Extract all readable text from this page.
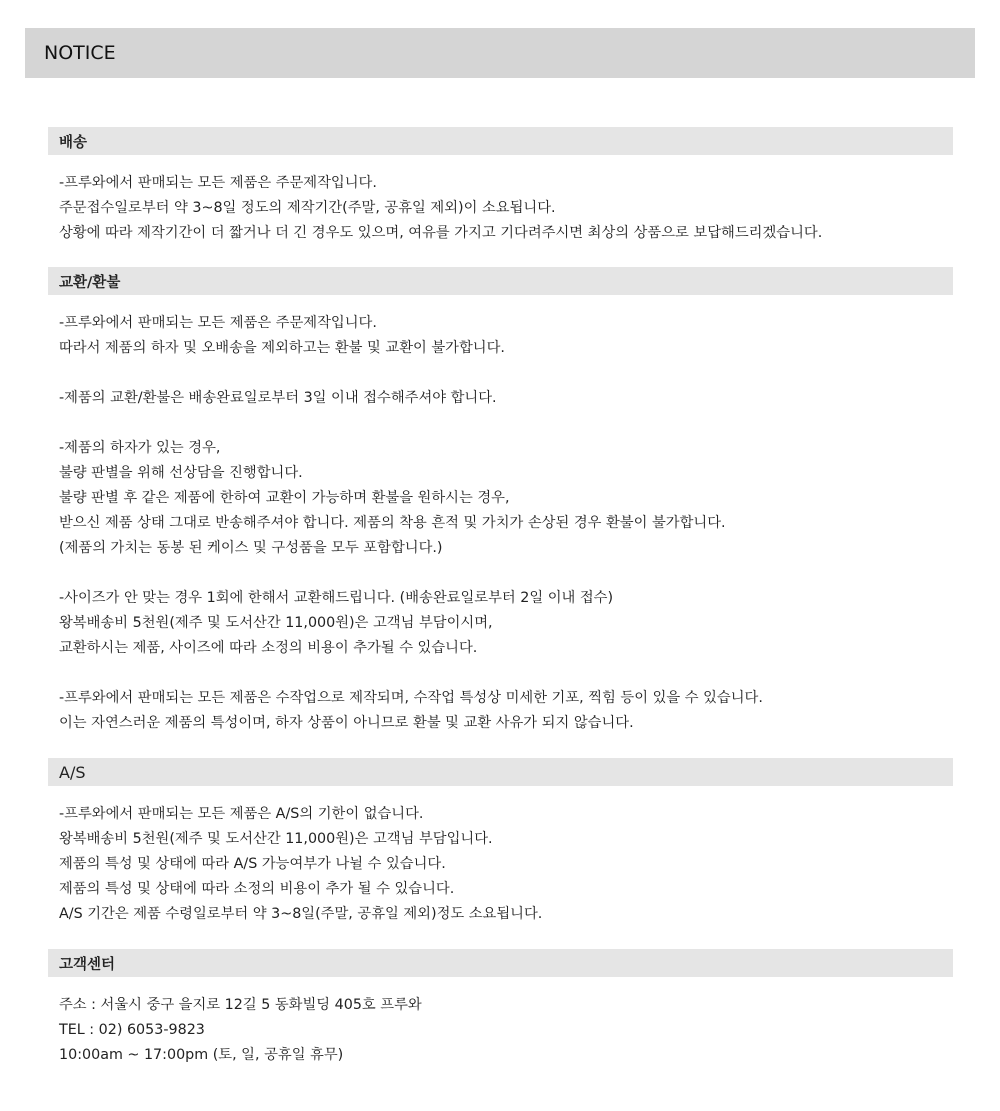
NOTICE
배송
-프루와에서 판매되는 모든 제품은 주문제작입니다.
주문접수일로부터 약 3~8일 정도의 제작기간(주말, 공휴일 제외)이 소요됩니다.
상황에 따라 제작기간이 더 짧거나 더 긴 경우도 있으며, 여유를 가지고 기다려주시면 최상의 상품으로 보답해드리겠습니다.
교환/환불
-프루와에서 판매되는 모든 제품은 주문제작입니다.
따라서 제품의 하자 및 오배송을 제외하고는 환불 및 교환이 불가합니다.
-제품의 교환/환불은 배송완료일로부터 3일 이내 접수해주셔야 합니다.
-제품의 하자가 있는 경우,
불량 판별을 위해 선상담을 진행합니다.
불량 판별 후 같은 제품에 한하여 교환이 가능하며 환불을 원하시는 경우,
받으신 제품 상태 그대로 반송해주셔야 합니다. 제품의 착용 흔적 및 가치가 손상된 경우 환불이 불가합니다.
(제품의 가치는 동봉 된 케이스 및 구성품을 모두 포함합니다.)
-사이즈가 안 맞는 경우 1회에 한해서 교환해드립니다. (배송완료일로부터 2일 이내 접수)
왕복배송비 5천원(제주 및 도서산간 11,000원)은 고객님 부담이시며,
교환하시는 제품, 사이즈에 따라 소정의 비용이 추가될 수 있습니다.
-프루와에서 판매되는 모든 제품은 수작업으로 제작되며, 수작업 특성상 미세한 기포, 찍힘 등이 있을 수 있습니다.
이는 자연스러운 제품의 특성이며, 하자 상품이 아니므로 환불 및 교환 사유가 되지 않습니다.
A/S
-프루와에서 판매되는 모든 제품은 A/S의 기한이 없습니다.
왕복배송비 5천원(제주 및 도서산간 11,000원)은 고객님 부담입니다.
제품의 특성 및 상태에 따라 A/S 가능여부가 나뉠 수 있습니다.
제품의 특성 및 상태에 따라 소정의 비용이 추가 될 수 있습니다.
A/S 기간은 제품 수령일로부터 약 3~8일(주말, 공휴일 제외)정도 소요됩니다.
고객센터
주소 : 서울시 중구 을지로 12길 5 동화빌딩 405호 프루와
TEL : 02) 6053-9823
10:00am ~ 17:00pm (토, 일, 공휴일 휴무)
